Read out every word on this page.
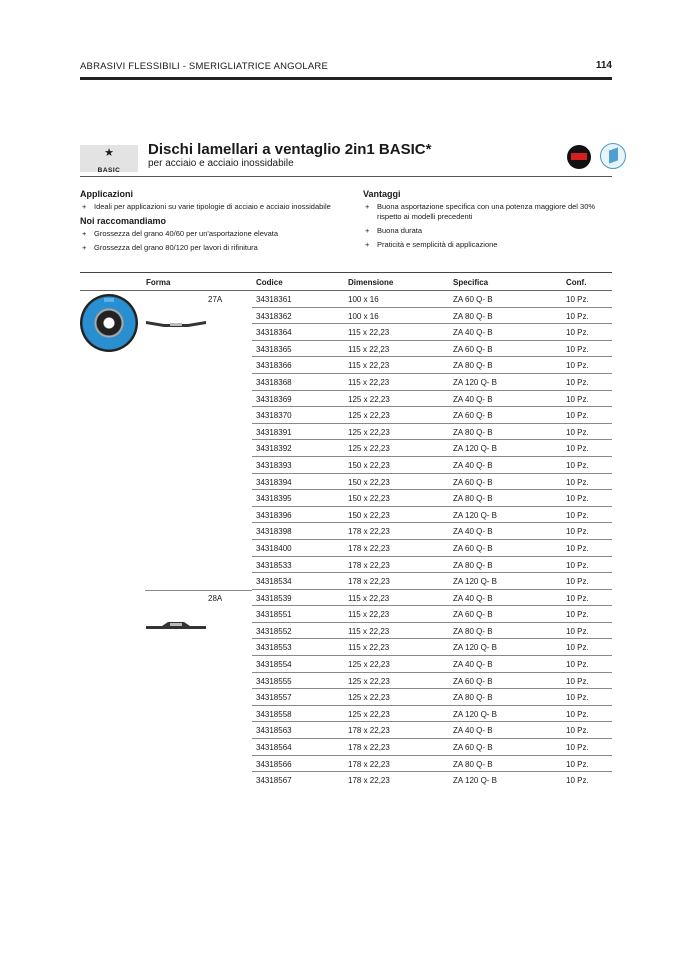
ABRASIVI FLESSIBILI - SMERIGLIATRICE ANGOLARE	114
★
BASIC
Dischi lamellari a ventaglio 2in1 BASIC*
per acciaio e acciaio inossidabile
Applicazioni
+ Ideali per applicazioni su varie tipologie di acciaio e acciaio inossidabile
Noi raccomandiamo
+ Grossezza del grano 40/60 per un'asportazione elevata
+ Grossezza del grano 80/120 per lavori di rifinitura
Vantaggi
+ Buona asportazione specifica con una potenza maggiore del 30% rispetto ai modelli precedenti
+ Buona durata
+ Praticità e semplicità di applicazione
Forma	Codice	Dimensione	Specifica	Conf.
27A
28A
34318361	100 x 16	ZA 60 Q- B	10 Pz.
34318362	100 x 16	ZA 80 Q- B	10 Pz.
34318364	115 x 22,23	ZA 40 Q- B	10 Pz.
34318365	115 x 22,23	ZA 60 Q- B	10 Pz.
34318366	115 x 22,23	ZA 80 Q- B	10 Pz.
34318368	115 x 22,23	ZA 120 Q- B	10 Pz.
34318369	125 x 22,23	ZA 40 Q- B	10 Pz.
34318370	125 x 22,23	ZA 60 Q- B	10 Pz.
34318391	125 x 22,23	ZA 80 Q- B	10 Pz.
34318392	125 x 22,23	ZA 120 Q- B	10 Pz.
34318393	150 x 22,23	ZA 40 Q- B	10 Pz.
34318394	150 x 22,23	ZA 60 Q- B	10 Pz.
34318395	150 x 22,23	ZA 80 Q- B	10 Pz.
34318396	150 x 22,23	ZA 120 Q- B	10 Pz.
34318398	178 x 22,23	ZA 40 Q- B	10 Pz.
34318400	178 x 22,23	ZA 60 Q- B	10 Pz.
34318533	178 x 22,23	ZA 80 Q- B	10 Pz.
34318534	178 x 22,23	ZA 120 Q- B	10 Pz.
34318539	115 x 22,23	ZA 40 Q- B	10 Pz.
34318551	115 x 22,23	ZA 60 Q- B	10 Pz.
34318552	115 x 22,23	ZA 80 Q- B	10 Pz.
34318553	115 x 22,23	ZA 120 Q- B	10 Pz.
34318554	125 x 22,23	ZA 40 Q- B	10 Pz.
34318555	125 x 22,23	ZA 60 Q- B	10 Pz.
34318557	125 x 22,23	ZA 80 Q- B	10 Pz.
34318558	125 x 22,23	ZA 120 Q- B	10 Pz.
34318563	178 x 22,23	ZA 40 Q- B	10 Pz.
34318564	178 x 22,23	ZA 60 Q- B	10 Pz.
34318566	178 x 22,23	ZA 80 Q- B	10 Pz.
34318567	178 x 22,23	ZA 120 Q- B	10 Pz.
